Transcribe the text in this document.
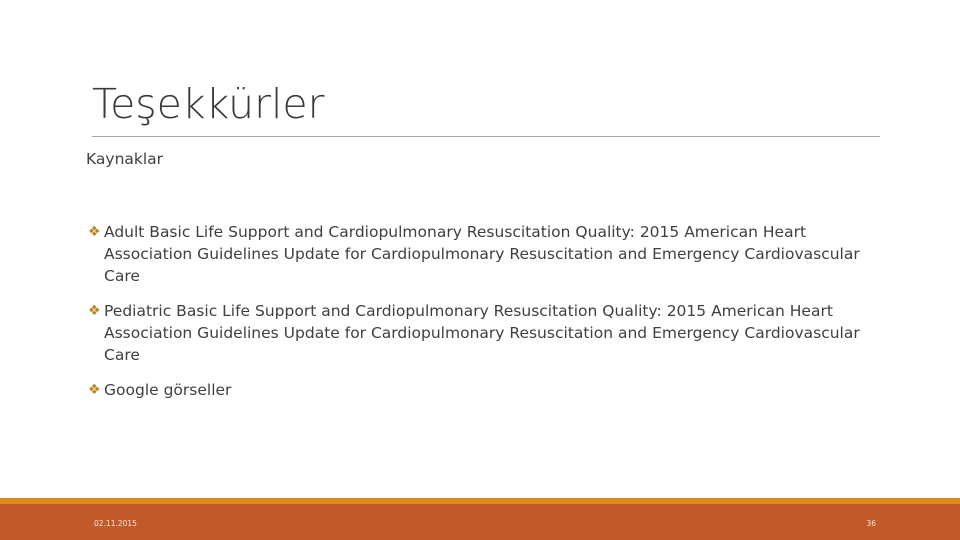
Teşekkürler
Kaynaklar
❖ Adult Basic Life Support and Cardiopulmonary Resuscitation Quality: 2015 American Heart Association Guidelines Update for Cardiopulmonary Resuscitation and Emergency Cardiovascular Care
❖ Pediatric Basic Life Support and Cardiopulmonary Resuscitation Quality: 2015 American Heart Association Guidelines Update for Cardiopulmonary Resuscitation and Emergency Cardiovascular Care
❖ Google görseller
02.11.2015	36
